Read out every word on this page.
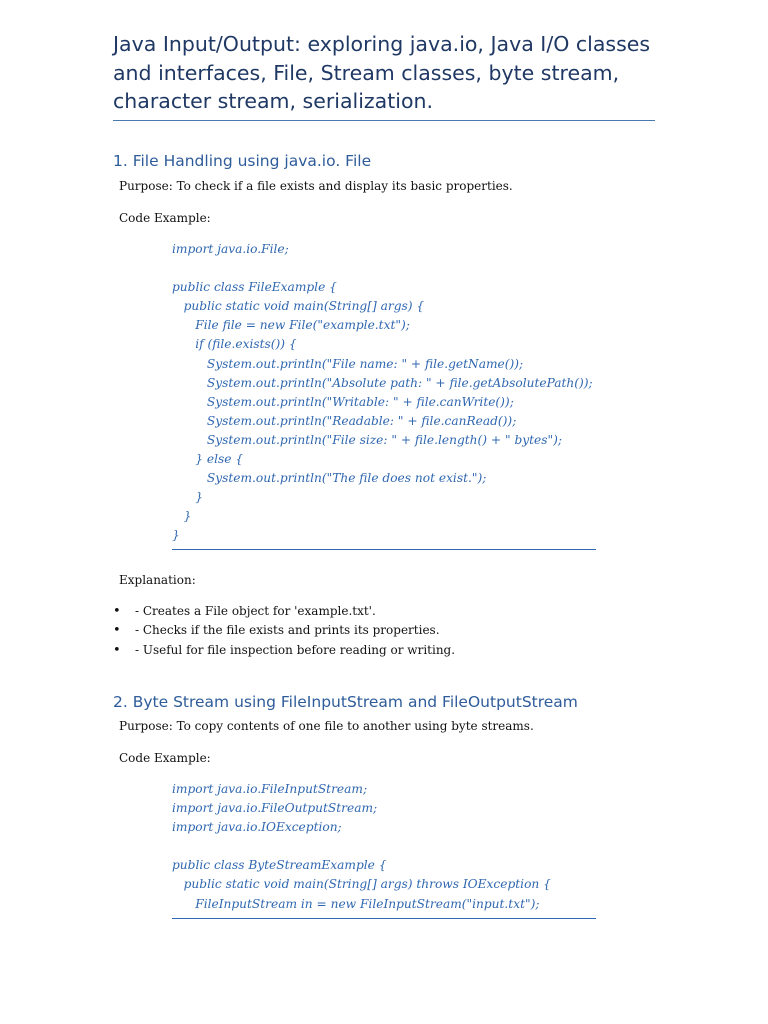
Java Input/Output: exploring java.io, Java I/O classes and interfaces, File, Stream classes, byte stream, character stream, serialization.
1. File Handling using java.io. File

Purpose: To check if a file exists and display its basic properties.

Code Example:

import java.io.File;
public class FileExample {
public static void main(String[] args) {
File file = new File("example.txt");
if (file.exists()) {
System.out.println("File name: " + file.getName());
System.out.println("Absolute path: " + file.getAbsolutePath());
System.out.println("Writable: " + file.canWrite());
System.out.println("Readable: " + file.canRead());
System.out.println("File size: " + file.length() + " bytes");
} else {
System.out.println("The file does not exist.");
}
}
}

Explanation:

• - Creates a File object for 'example.txt'.
• - Checks if the file exists and prints its properties.
• - Useful for file inspection before reading or writing.
2. Byte Stream using FileInputStream and FileOutputStream

Purpose: To copy contents of one file to another using byte streams.

Code Example:

import java.io.FileInputStream;
import java.io.FileOutputStream;
import java.io.IOException;
public class ByteStreamExample {
public static void main(String[] args) throws IOException {
FileInputStream in = new FileInputStream("input.txt");
